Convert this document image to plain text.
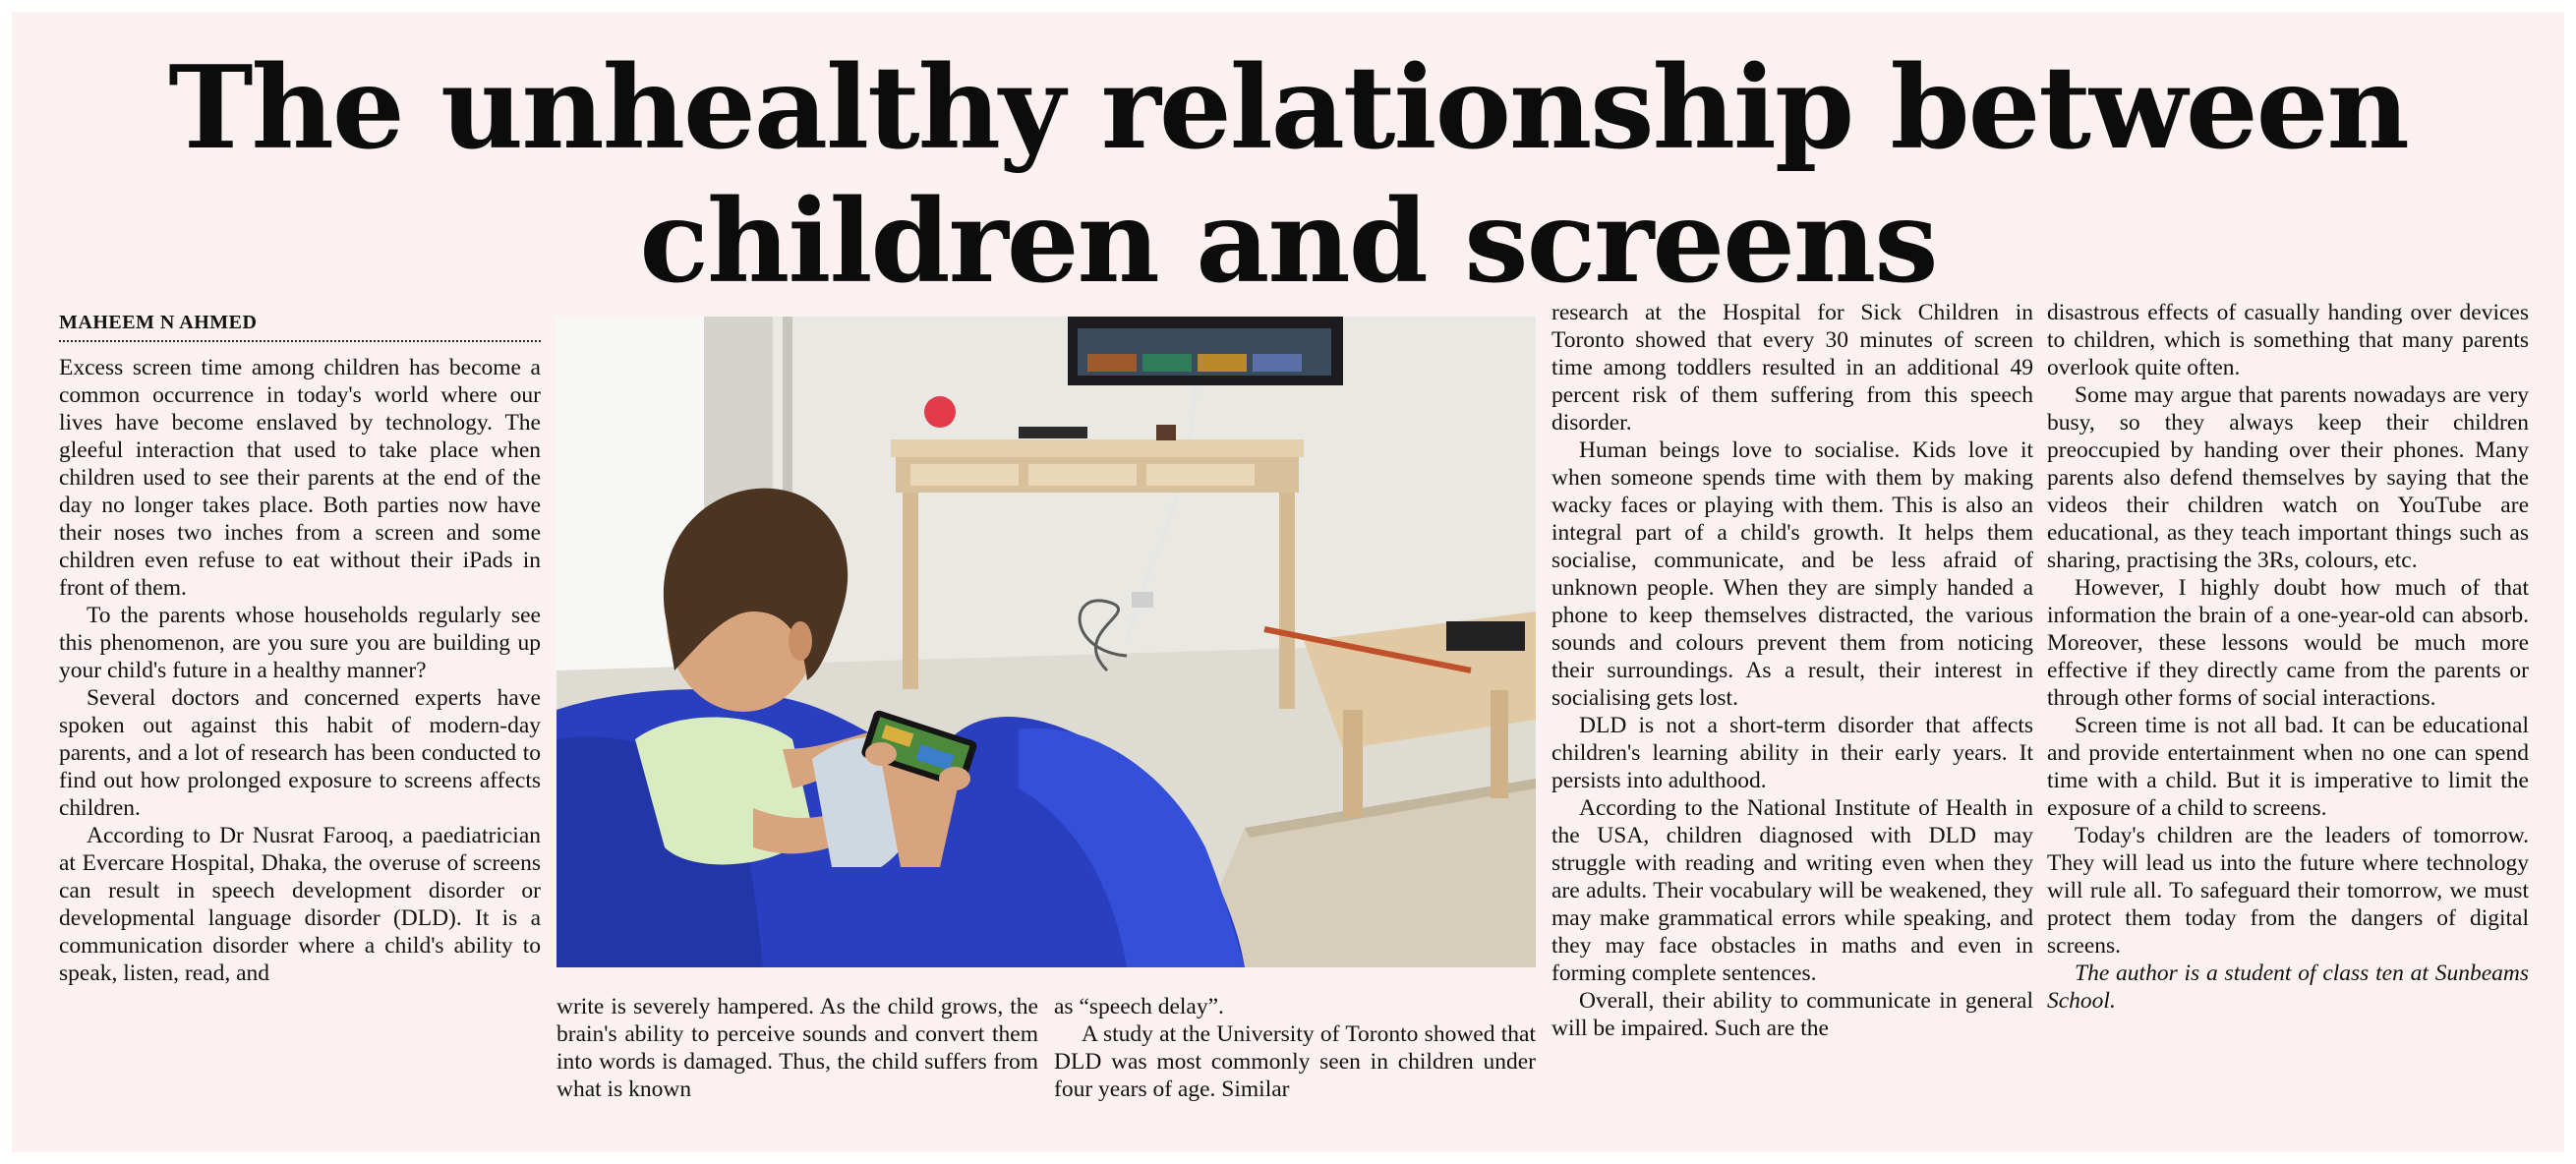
The unhealthy relationship between
children and screens
MAHEEM N AHMED

Excess screen time among children has become a common occurrence in today's world where our lives have become enslaved by technology. The gleeful interaction that used to take place when children used to see their parents at the end of the day no longer takes place. Both parties now have their noses two inches from a screen and some children even refuse to eat without their iPads in front of them.

To the parents whose households regularly see this phenomenon, are you sure you are building up your child's future in a healthy manner?

Several doctors and concerned experts have spoken out against this habit of modern-day parents, and a lot of research has been conducted to find out how prolonged exposure to screens affects children.

According to Dr Nusrat Farooq, a paediatrician at Evercare Hospital, Dhaka, the overuse of screens can result in speech development disorder or developmental language disorder (DLD). It is a communication disorder where a child's ability to speak, listen, read, and

write is severely hampered. As the child grows, the brain's ability to perceive sounds and convert them into words is damaged. Thus, the child suffers from what is known

as “speech delay”.

A study at the University of Toronto showed that DLD was most commonly seen in children under four years of age. Similar

research at the Hospital for Sick Children in Toronto showed that every 30 minutes of screen time among toddlers resulted in an additional 49 percent risk of them suffering from this speech disorder.

Human beings love to socialise. Kids love it when someone spends time with them by making wacky faces or playing with them. This is also an integral part of a child's growth. It helps them socialise, communicate, and be less afraid of unknown people. When they are simply handed a phone to keep themselves distracted, the various sounds and colours prevent them from noticing their surroundings. As a result, their interest in socialising gets lost.

DLD is not a short-term disorder that affects children's learning ability in their early years. It persists into adulthood.

According to the National Institute of Health in the USA, children diagnosed with DLD may struggle with reading and writing even when they are adults. Their vocabulary will be weakened, they may make grammatical errors while speaking, and they may face obstacles in maths and even in forming complete sentences.

Overall, their ability to communicate in general will be impaired. Such are the

disastrous effects of casually handing over devices to children, which is something that many parents overlook quite often.

Some may argue that parents nowadays are very busy, so they always keep their children preoccupied by handing over their phones. Many parents also defend themselves by saying that the videos their children watch on YouTube are educational, as they teach important things such as sharing, practising the 3Rs, colours, etc.

However, I highly doubt how much of that information the brain of a one-year-old can absorb. Moreover, these lessons would be much more effective if they directly came from the parents or through other forms of social interactions.

Screen time is not all bad. It can be educational and provide entertainment when no one can spend time with a child. But it is imperative to limit the exposure of a child to screens.

Today's children are the leaders of tomorrow. They will lead us into the future where technology will rule all. To safeguard their tomorrow, we must protect them today from the dangers of digital screens.

The author is a student of class ten at Sunbeams School.
